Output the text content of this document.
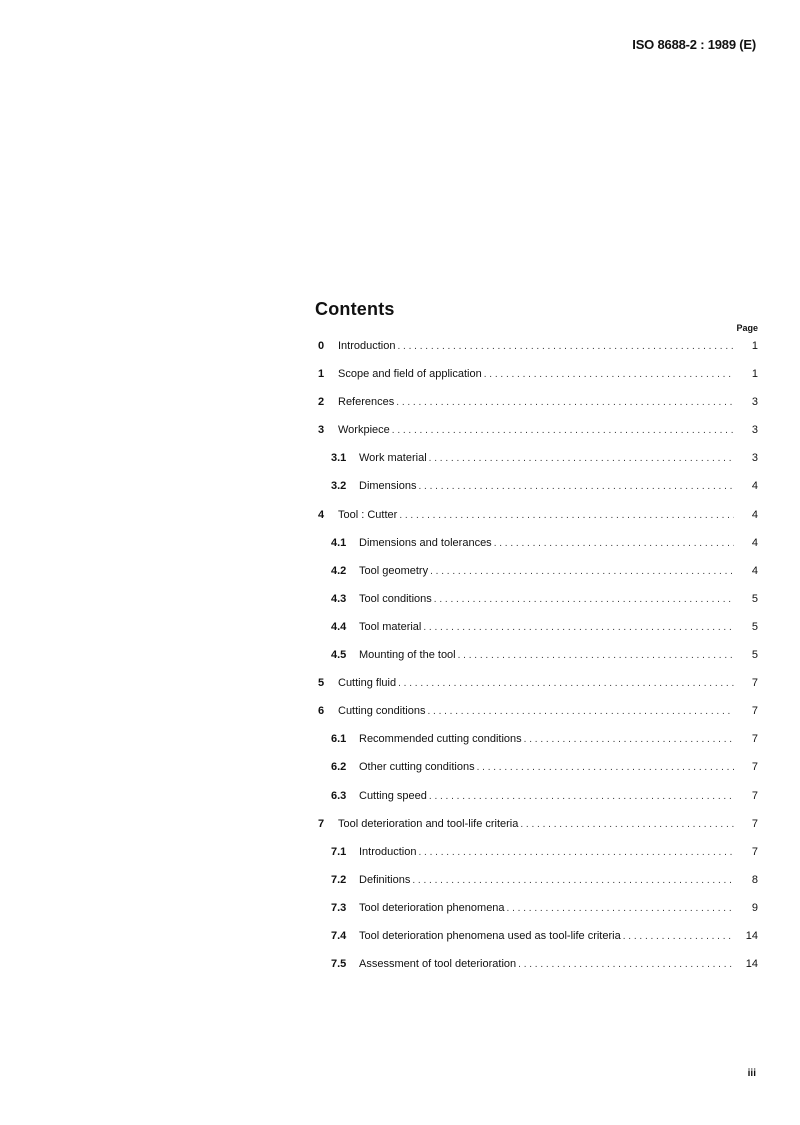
ISO 8688-2 : 1989 (E)
Contents
Page
0	Introduction . . .	1
1	Scope and field of application . . .	1
2	References . . .	3
3	Workpiece . . .	3
3.1	Work material . . .	3
3.2	Dimensions . . .	4
4	Tool : Cutter . . .	4
4.1	Dimensions and tolerances . . .	4
4.2	Tool geometry . . .	4
4.3	Tool conditions . . .	5
4.4	Tool material . . .	5
4.5	Mounting of the tool . . .	5
5	Cutting fluid . . .	7
6	Cutting conditions . . .	7
6.1	Recommended cutting conditions . . .	7
6.2	Other cutting conditions . . .	7
6.3	Cutting speed . . .	7
7	Tool deterioration and tool-life criteria . . .	7
7.1	Introduction . . .	7
7.2	Definitions . . .	8
7.3	Tool deterioration phenomena . . .	9
7.4	Tool deterioration phenomena used as tool-life criteria . . .	14
7.5	Assessment of tool deterioration . . .	14
iii
